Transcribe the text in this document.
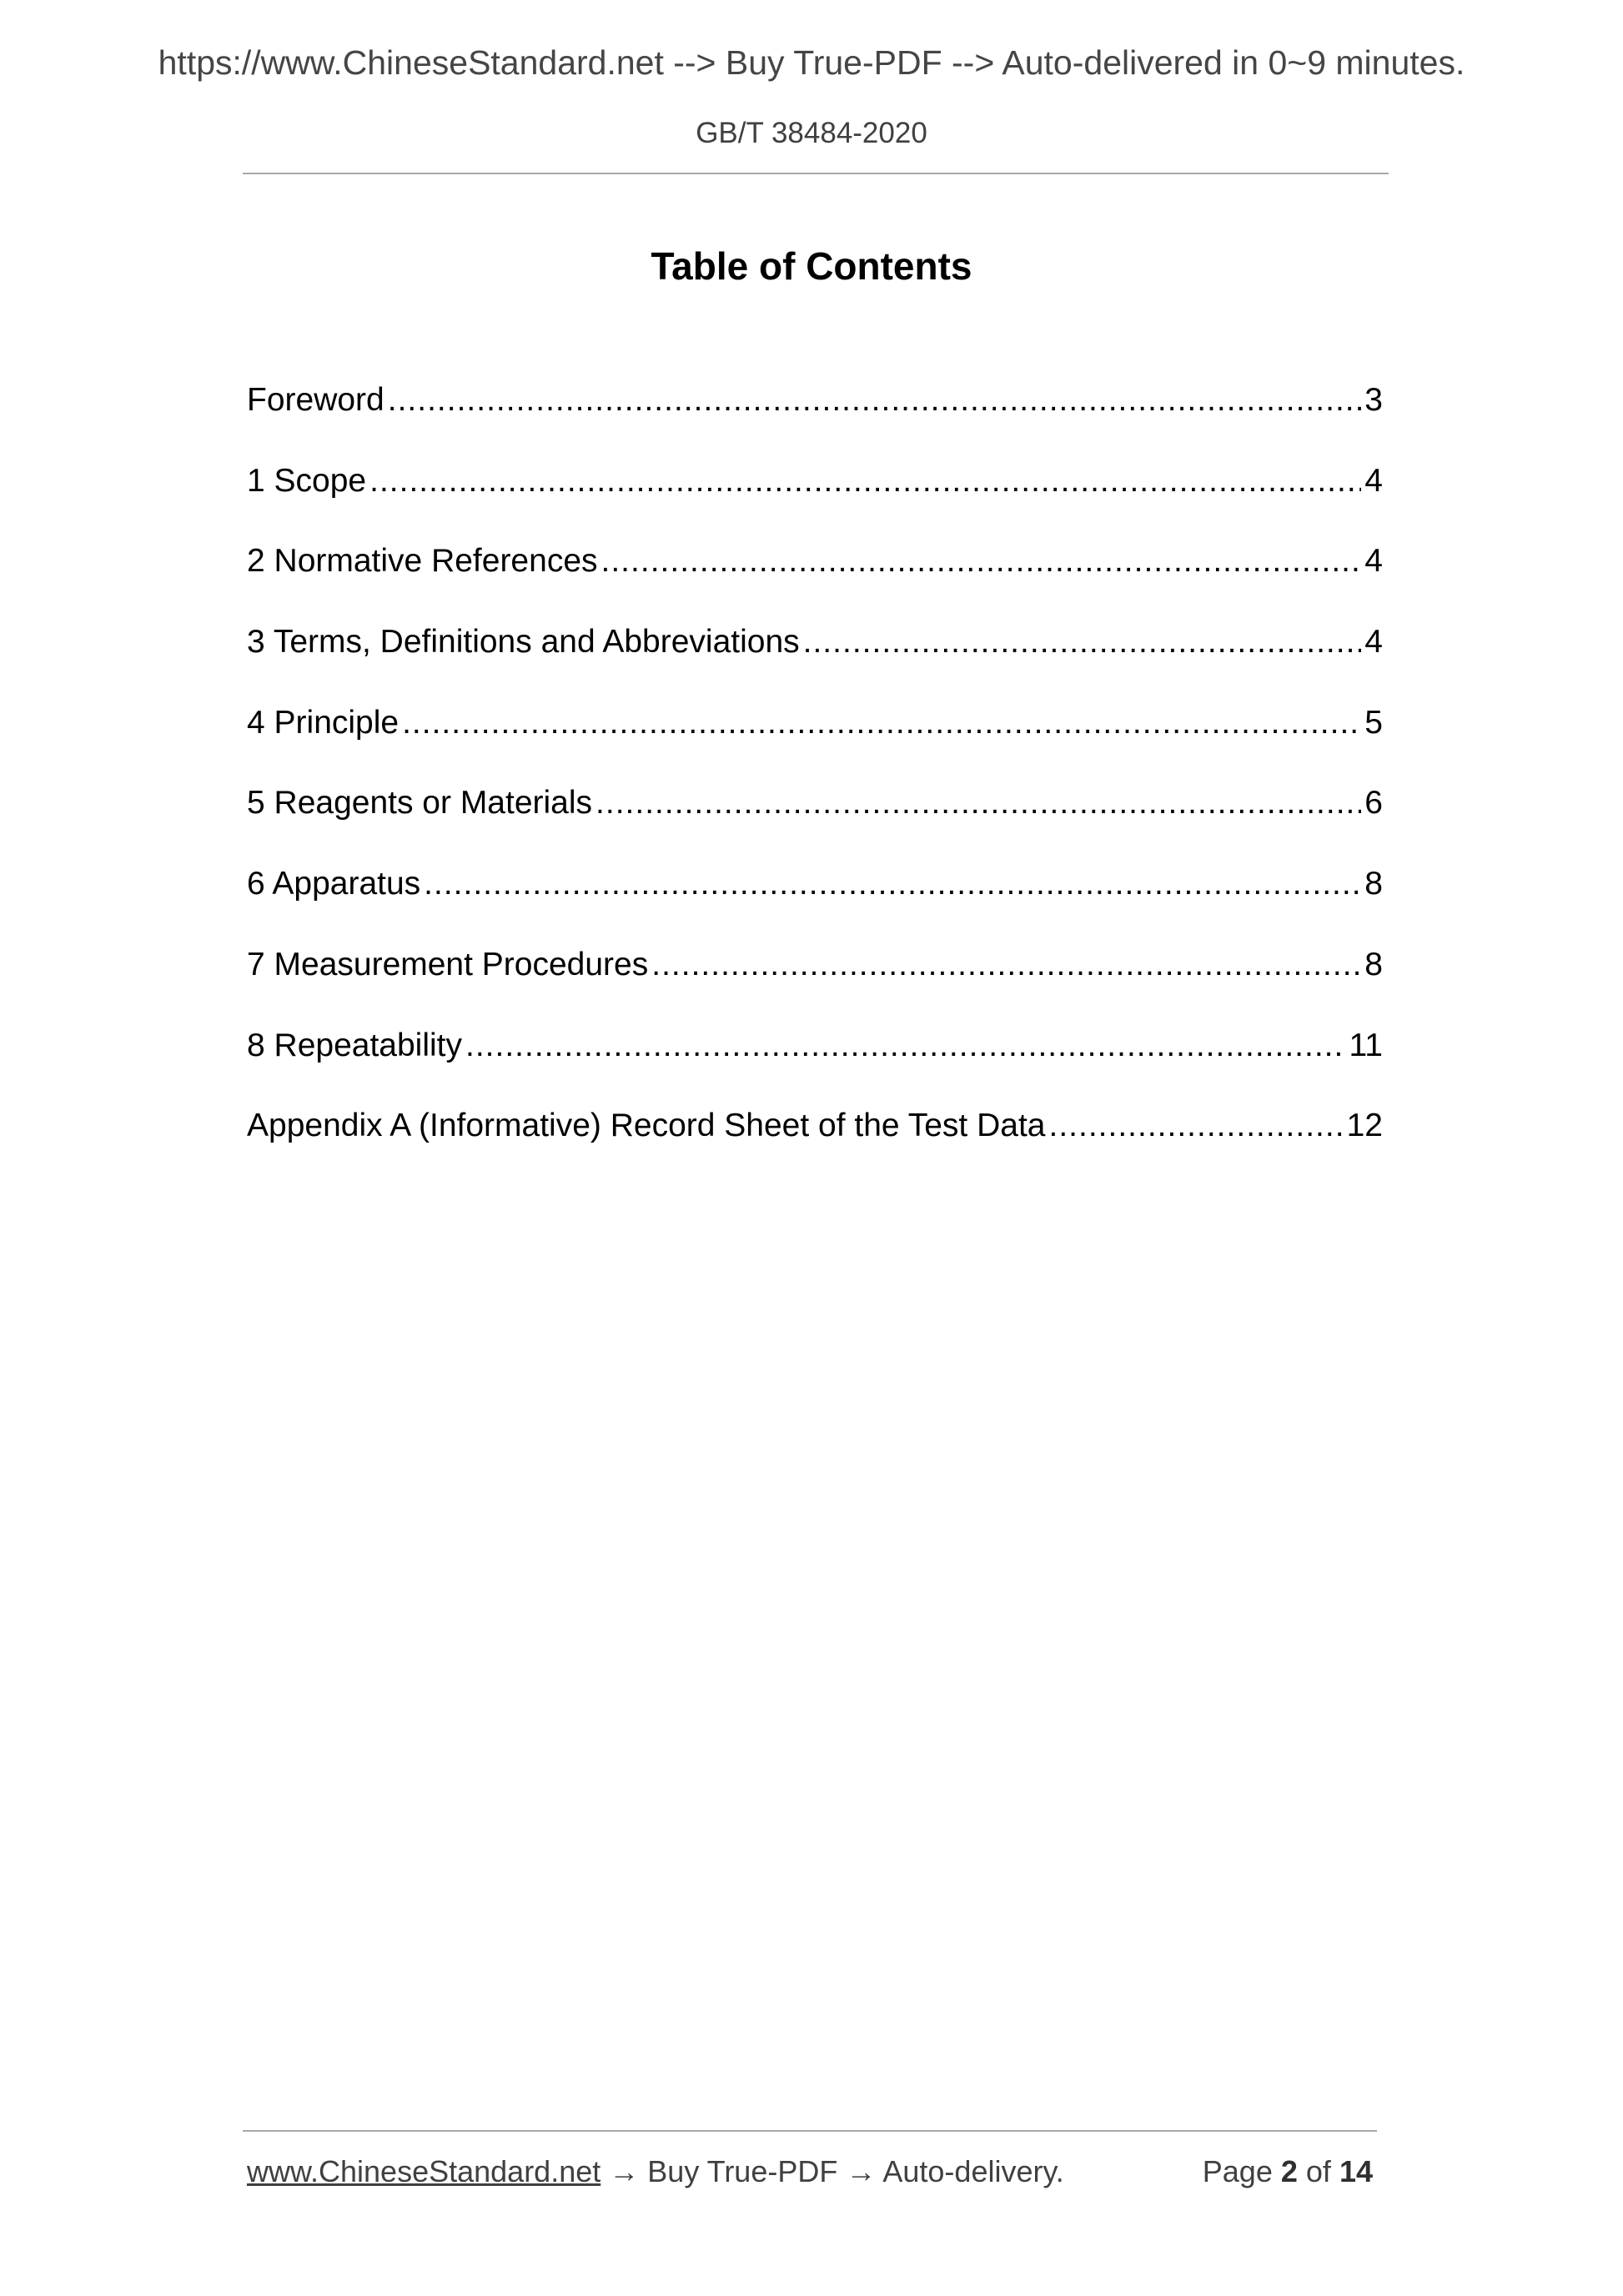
https://www.ChineseStandard.net --> Buy True-PDF --> Auto-delivered in 0~9 minutes.
GB/T 38484-2020
Table of Contents
Foreword .....	3
1 Scope .....	4
2 Normative References .....	4
3 Terms, Definitions and Abbreviations .....	4
4 Principle .....	5
5 Reagents or Materials .....	6
6 Apparatus .....	8
7 Measurement Procedures .....	8
8 Repeatability .....	11
Appendix A (Informative) Record Sheet of the Test Data .....	12
www.ChineseStandard.net → Buy True-PDF → Auto-delivery.	Page 2 of 14
